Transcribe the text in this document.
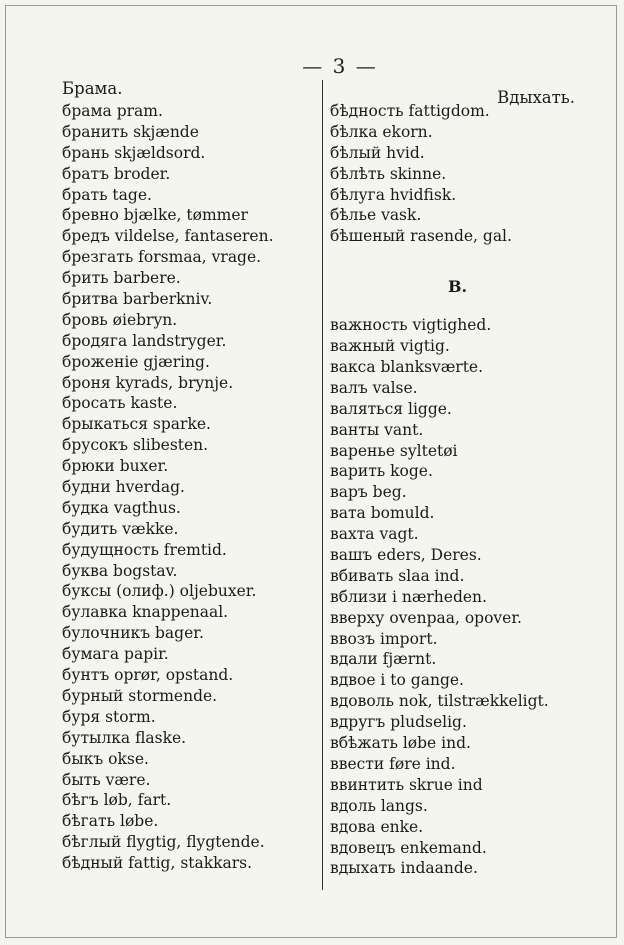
— 3 —
Брама.
брама pram.
бранить skjænde
брань skjældsord.
братъ broder.
брать tage.
бревно bjælke, tømmer
бредъ vildelse, fantaseren.
брезгать forsmaa, vrage.
брить barbere.
бритва barberkniv.
бровь øiebryn.
бродяга landstryger.
броженіе gjæring.
броня kyrads, brynje.
бросать kaste.
брыкаться sparke.
брусокъ slibesten.
брюки buxer.
будни hverdag.
будка vagthus.
будить vække.
будущность fremtid.
буква bogstav.
буксы (олиф.) oljebuxer.
булавка knappenaal.
булочникъ bager.
бумага papir.
бунтъ oprør, opstand.
бурный stormende.
буря storm.
бутылка flaske.
быкъ okse.
быть være.
бѣгъ løb, fart.
бѣгать løbe.
бѣглый flygtig, flygtende.
бѣдный fattig, stakkars.
Вдыхать.
бѣдность fattigdom.
бѣлка ekorn.
бѣлый hvid.
бѣлѣть skinne.
бѣлуга hvidfisk.
бѣлье vask.
бѣшеный rasende, gal.
В.
важность vigtighed.
важный vigtig.
вакса blanksværte.
валъ valse.
валяться ligge.
ванты vant.
варенье syltetøi
варить koge.
варъ beg.
вата bomuld.
вахта vagt.
вашъ eders, Deres.
вбивать slaa ind.
вблизи i nærheden.
вверху ovenpaa, opover.
ввозъ import.
вдали fjærnt.
вдвое i to gange.
вдоволь nok, tilstrækkeligt.
вдругъ pludselig.
вбѣжать løbe ind.
ввести føre ind.
ввинтить skrue ind
вдоль langs.
вдова enke.
вдовецъ enkemand.
вдыхать indaande.
